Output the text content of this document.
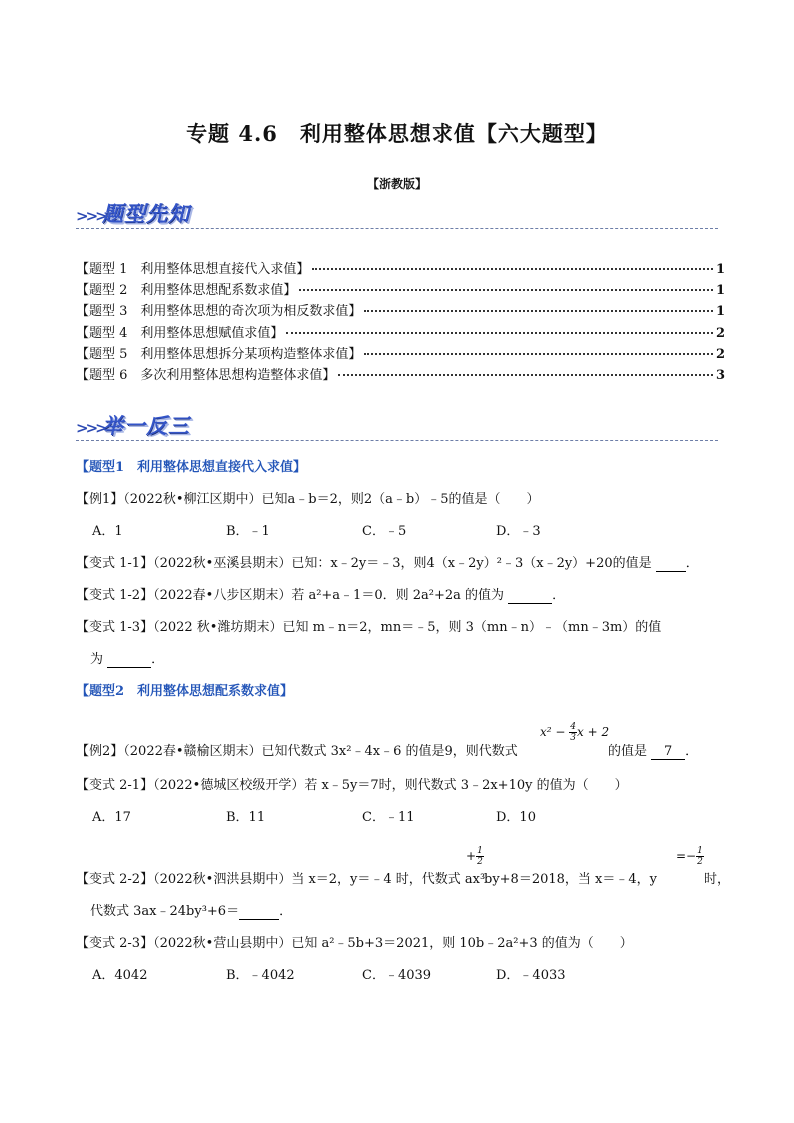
专题 4.6　利用整体思想求值【六大题型】
【浙教版】
>>>
题型先知
【题型 1　利用整体思想直接代入求值】	1
【题型 2　利用整体思想配系数求值】	1
【题型 3　利用整体思想的奇次项为相反数求值】	1
【题型 4　利用整体思想赋值求值】	2
【题型 5　利用整体思想拆分某项构造整体求值】	2
【题型 6　多次利用整体思想构造整体求值】	3
>>>
举一反三
【题型1　利用整体思想直接代入求值】
【例1】（2022秋•柳江区期中）已知a﹣b＝2，则2（a﹣b）﹣5的值是（　　）
A．1	B．﹣1	C．﹣5	D．﹣3
【变式 1-1】（2022秋•巫溪县期末）已知：x﹣2y＝﹣3，则4（x﹣2y）²﹣3（x﹣2y）+20的值是  ．
【变式 1-2】（2022春•八步区期末）若 a²+a﹣1＝0．则 2a²+2a 的值为	．
【变式 1-3】（2022 秋•潍坊期末）已知 m﹣n＝2，mn＝﹣5，则 3（mn﹣n）﹣（mn﹣3m）的值
为	．
【题型2　利用整体思想配系数求值】
$x^2 - \frac{4}{3}$ x + 2
【例2】（2022春•赣榆区期末）已知代数式 3x²﹣4x﹣6 的值是9，则代数式	的值是 7 ．
【变式 2-1】（2022•德城区校级开学）若 x﹣5y＝7时，则代数式 3﹣2x+10y 的值为（　　）
A．17	B．11	C．﹣11	D．10
+ $\frac{1}{2}$	=− $\frac{1}{2}$
【变式 2-2】（2022秋•泗洪县期中）当 x＝2，y＝﹣4 时，代数式 ax³
by+8＝2018，当 x＝﹣4，y	时，
代数式 3ax﹣24by³+6＝	．
【变式 2-3】（2022秋•营山县期中）已知 a²﹣5b+3＝2021，则 10b﹣2a²+3 的值为（　　）
A．4042	B．﹣4042	C．﹣4039	D．﹣4033
